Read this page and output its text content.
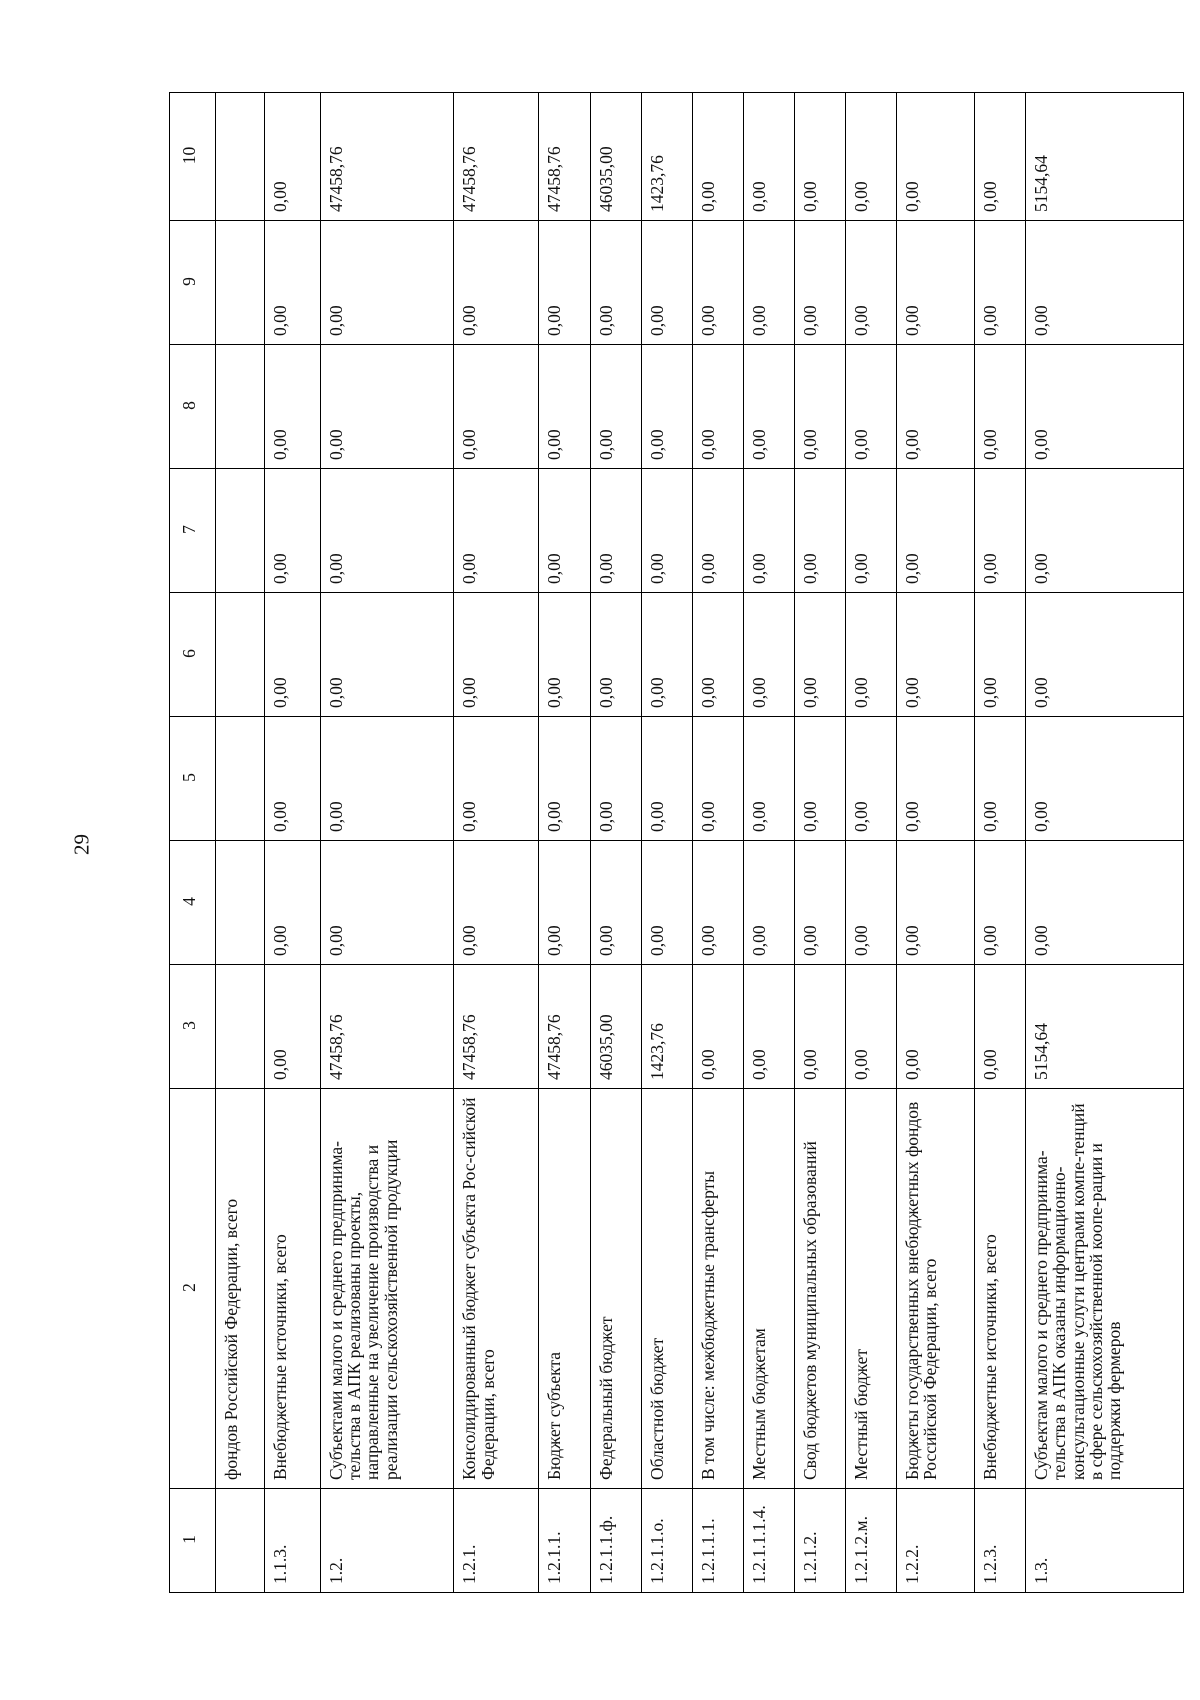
29
1	2	3	4	5	6	7	8	9	10
	фондов Российской Федерации, всего								
1.1.3.	Внебюджетные источники, всего	0,00	0,00	0,00	0,00	0,00	0,00	0,00	0,00
1.2.	Субъектами малого и среднего предпринима-тельства в АПК реализованы проекты, направленные на увеличение производства и реализации сельскохозяйственной продукции	47458,76	0,00	0,00	0,00	0,00	0,00	0,00	47458,76
1.2.1.	Консолидированный бюджет субъекта Рос-сийской Федерации, всего	47458,76	0,00	0,00	0,00	0,00	0,00	0,00	47458,76
1.2.1.1.	Бюджет субъекта	47458,76	0,00	0,00	0,00	0,00	0,00	0,00	47458,76
1.2.1.1.ф.	Федеральный бюджет	46035,00	0,00	0,00	0,00	0,00	0,00	0,00	46035,00
1.2.1.1.о.	Областной бюджет	1423,76	0,00	0,00	0,00	0,00	0,00	0,00	1423,76
1.2.1.1.1.	В том числе: межбюджетные трансферты	0,00	0,00	0,00	0,00	0,00	0,00	0,00	0,00
1.2.1.1.1.4.	Местным бюджетам	0,00	0,00	0,00	0,00	0,00	0,00	0,00	0,00
1.2.1.2.	Свод бюджетов муниципальных образований	0,00	0,00	0,00	0,00	0,00	0,00	0,00	0,00
1.2.1.2.м.	Местный бюджет	0,00	0,00	0,00	0,00	0,00	0,00	0,00	0,00
1.2.2.	Бюджеты государственных внебюджетных фондов Российской Федерации, всего	0,00	0,00	0,00	0,00	0,00	0,00	0,00	0,00
1.2.3.	Внебюджетные источники, всего	0,00	0,00	0,00	0,00	0,00	0,00	0,00	0,00
1.3.	Субъектам малого и среднего предпринима-тельства в АПК оказаны информационно-консультационные услуги центрами компе-тенций в сфере сельскохозяйственной коопе-рации и поддержки фермеров	5154,64	0,00	0,00	0,00	0,00	0,00	0,00	5154,64
